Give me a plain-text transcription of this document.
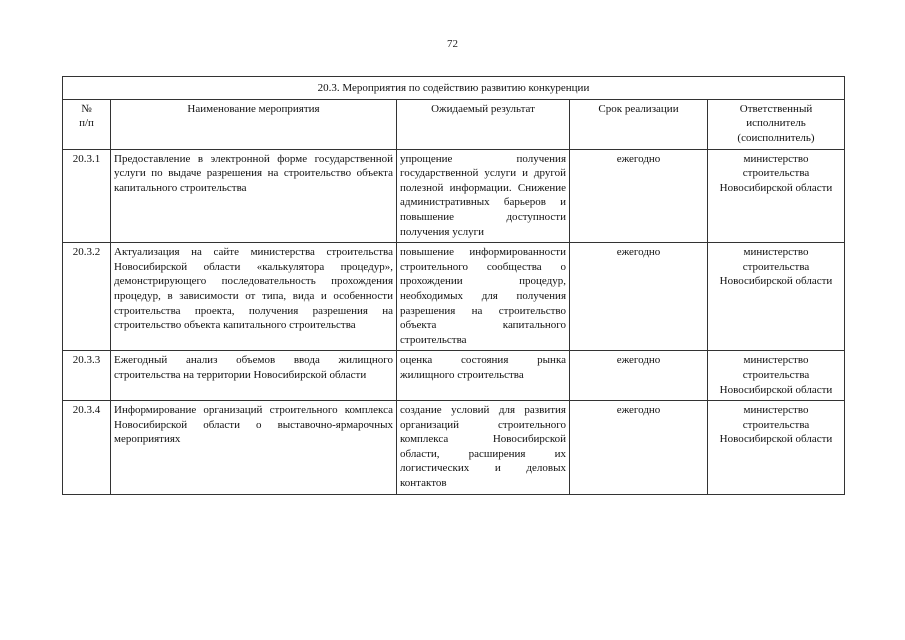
72
20.3. Мероприятия по содействию развитию конкуренции				
№
п/п	Наименование мероприятия	Ожидаемый результат	Срок реализации	Ответственный исполнитель (соисполнитель)
20.3.1	Предоставление в электронной форме государственной услуги по выдаче разрешения на строительство объекта капитального строительства	упрощение получения государственной услуги и другой полезной информации. Снижение административных барьеров и повышение доступности получения услуги	ежегодно	министерство строительства Новосибирской области
20.3.2	Актуализация на сайте министерства строительства Новосибирской области «калькулятора процедур», демонстрирующего последовательность прохождения процедур, в зависимости от типа, вида и особенности строительства проекта, получения разрешения на строительство объекта капитального строительства	повышение информированности строительного сообщества о прохождении процедур, необходимых для получения разрешения на строительство объекта капитального строительства	ежегодно	министерство строительства Новосибирской области
20.3.3	Ежегодный анализ объемов ввода жилищного строительства на территории Новосибирской области	оценка состояния рынка жилищного строительства	ежегодно	министерство строительства Новосибирской области
20.3.4	Информирование организаций строительного комплекса Новосибирской области о выставочно-ярмарочных мероприятиях	создание условий для развития организаций строительного комплекса Новосибирской области, расширения их логистических и деловых контактов	ежегодно	министерство строительства Новосибирской области
